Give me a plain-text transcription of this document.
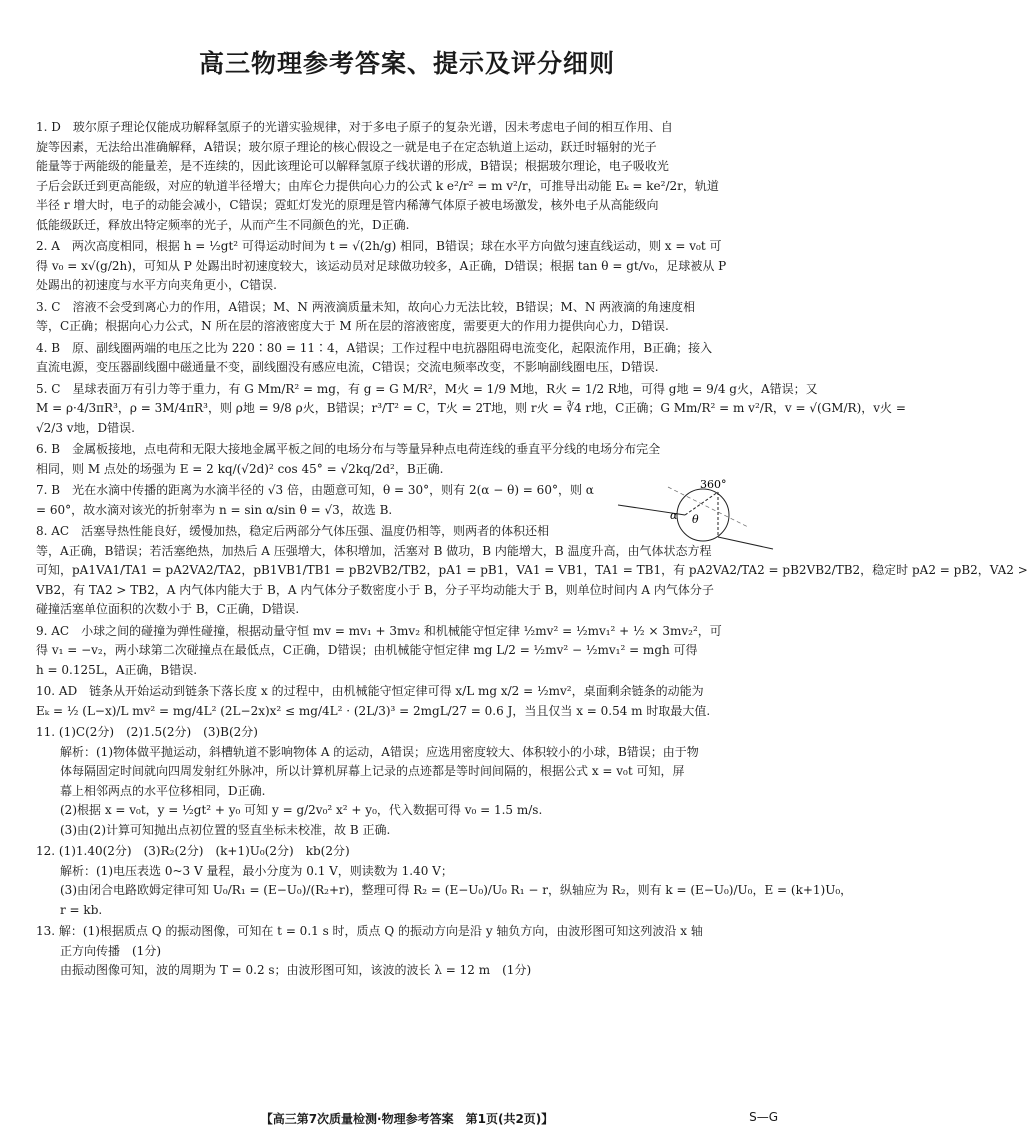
高三物理参考答案、提示及评分细则
1. D　玻尔原子理论仅能成功解释氢原子的光谱实验规律，对于多电子原子的复杂光谱，因未考虑电子间的相互作用、自
旋等因素，无法给出准确解释，A错误；玻尔原子理论的核心假设之一就是电子在定态轨道上运动，跃迁时辐射的光子
能量等于两能级的能量差，是不连续的，因此该理论可以解释氢原子线状谱的形成，B错误；根据玻尔理论，电子吸收光
子后会跃迁到更高能级，对应的轨道半径增大；由库仑力提供向心力的公式 k e²/r² = m v²/r，可推导出动能 Eₖ = ke²/2r，轨道
半径 r 增大时，电子的动能会减小，C错误；霓虹灯发光的原理是管内稀薄气体原子被电场激发，核外电子从高能级向
低能级跃迁，释放出特定频率的光子，从而产生不同颜色的光，D正确.
2. A　两次高度相同，根据 h = ½gt² 可得运动时间为 t = √(2h/g) 相同，B错误；球在水平方向做匀速直线运动，则 x = v₀t 可
得 v₀ = x√(g/2h)，可知从 P 处踢出时初速度较大，该运动员对足球做功较多，A正确，D错误；根据 tan θ = gt/v₀，足球被从 P
处踢出的初速度与水平方向夹角更小，C错误.
3. C　溶液不会受到离心力的作用，A错误；M、N 两液滴质量未知，故向心力无法比较，B错误；M、N 两液滴的角速度相
等，C正确；根据向心力公式，N 所在层的溶液密度大于 M 所在层的溶液密度，需要更大的作用力提供向心力，D错误.
4. B　原、副线圈两端的电压之比为 220∶80 = 11∶4，A错误；工作过程中电抗器阻碍电流变化，起限流作用，B正确；接入
直流电源，变压器副线圈中磁通量不变，副线圈没有感应电流，C错误；交流电频率改变，不影响副线圈电压，D错误.
5. C　星球表面万有引力等于重力，有 G Mm/R² = mg，有 g = G M/R²，M火 = 1/9 M地，R火 = 1/2 R地，可得 g地 = 9/4 g火，A错误；又
M = ρ·4/3πR³，ρ = 3M/4πR³，则 ρ地 = 9/8 ρ火，B错误；r³/T² = C，T火 = 2T地，则 r火 = ∛4 r地，C正确；G Mm/R² = m v²/R，v = √(GM/R)，v火 =
√2/3 v地，D错误.
6. B　金属板接地，点电荷和无限大接地金属平板之间的电场分布与等量异种点电荷连线的垂直平分线的电场分布完全
相同，则 M 点处的场强为 E = 2 kq/(√2d)² cos 45° = √2kq/2d²，B正确.
7. B　光在水滴中传播的距离为水滴半径的 √3 倍，由题意可知，θ = 30°，则有 2(α − θ) = 60°，则 α
= 60°，故水滴对该光的折射率为 n = sin α/sin θ = √3，故选 B.
360°
α θ
8. AC　活塞导热性能良好，缓慢加热，稳定后两部分气体压强、温度仍相等，则两者的体积还相
等，A正确，B错误；若活塞绝热，加热后 A 压强增大，体积增加，活塞对 B 做功，B 内能增大，B 温度升高，由气体状态方程
可知，pA1VA1/TA1 = pA2VA2/TA2，pB1VB1/TB1 = pB2VB2/TB2，pA1 = pB1，VA1 = VB1，TA1 = TB1，有 pA2VA2/TA2 = pB2VB2/TB2，稳定时 pA2 = pB2，VA2 >
VB2，有 TA2 > TB2，A 内气体内能大于 B，A 内气体分子数密度小于 B，分子平均动能大于 B，则单位时间内 A 内气体分子
碰撞活塞单位面积的次数小于 B，C正确，D错误.
9. AC　小球之间的碰撞为弹性碰撞，根据动量守恒 mv = mv₁ + 3mv₂ 和机械能守恒定律 ½mv² = ½mv₁² + ½ × 3mv₂²，可
得 v₁ = −v₂，两小球第二次碰撞点在最低点，C正确，D错误；由机械能守恒定律 mg L/2 = ½mv² − ½mv₁² = mgh 可得
h = 0.125L，A正确，B错误.
10. AD　链条从开始运动到链条下落长度 x 的过程中，由机械能守恒定律可得 x/L mg x/2 = ½mv²，桌面剩余链条的动能为
Eₖ = ½ (L−x)/L mv² = mg/4L² (2L−2x)x² ≤ mg/4L² · (2L/3)³ = 2mgL/27 = 0.6 J，当且仅当 x = 0.54 m 时取最大值.
11. (1)C(2分)　(2)1.5(2分)　(3)B(2分)
　　解析：(1)物体做平抛运动，斜槽轨道不影响物体 A 的运动，A错误；应选用密度较大、体积较小的小球，B错误；由于物
　　体每隔固定时间就向四周发射红外脉冲，所以计算机屏幕上记录的点迹都是等时间间隔的，根据公式 x = v₀t 可知，屏
　　幕上相邻两点的水平位移相同，D正确.
　　(2)根据 x = v₀t，y = ½gt² + y₀ 可知 y = g/2v₀² x² + y₀，代入数据可得 v₀ = 1.5 m/s.
　　(3)由(2)计算可知抛出点初位置的竖直坐标未校准，故 B 正确.
12. (1)1.40(2分)　(3)R₂(2分)　(k+1)U₀(2分)　kb(2分)
　　解析：(1)电压表选 0~3 V 量程，最小分度为 0.1 V，则读数为 1.40 V；
　　(3)由闭合电路欧姆定律可知 U₀/R₁ = (E−U₀)/(R₂+r)，整理可得 R₂ = (E−U₀)/U₀ R₁ − r，纵轴应为 R₂，则有 k = (E−U₀)/U₀，E = (k+1)U₀，
　　r = kb.
13. 解：(1)根据质点 Q 的振动图像，可知在 t = 0.1 s 时，质点 Q 的振动方向是沿 y 轴负方向，由波形图可知这列波沿 x 轴
　　正方向传播　(1分)
　　由振动图像可知，波的周期为 T = 0.2 s；由波形图可知，该波的波长 λ = 12 m　(1分)
【高三第7次质量检测·物理参考答案　第1页(共2页)】	S—G
